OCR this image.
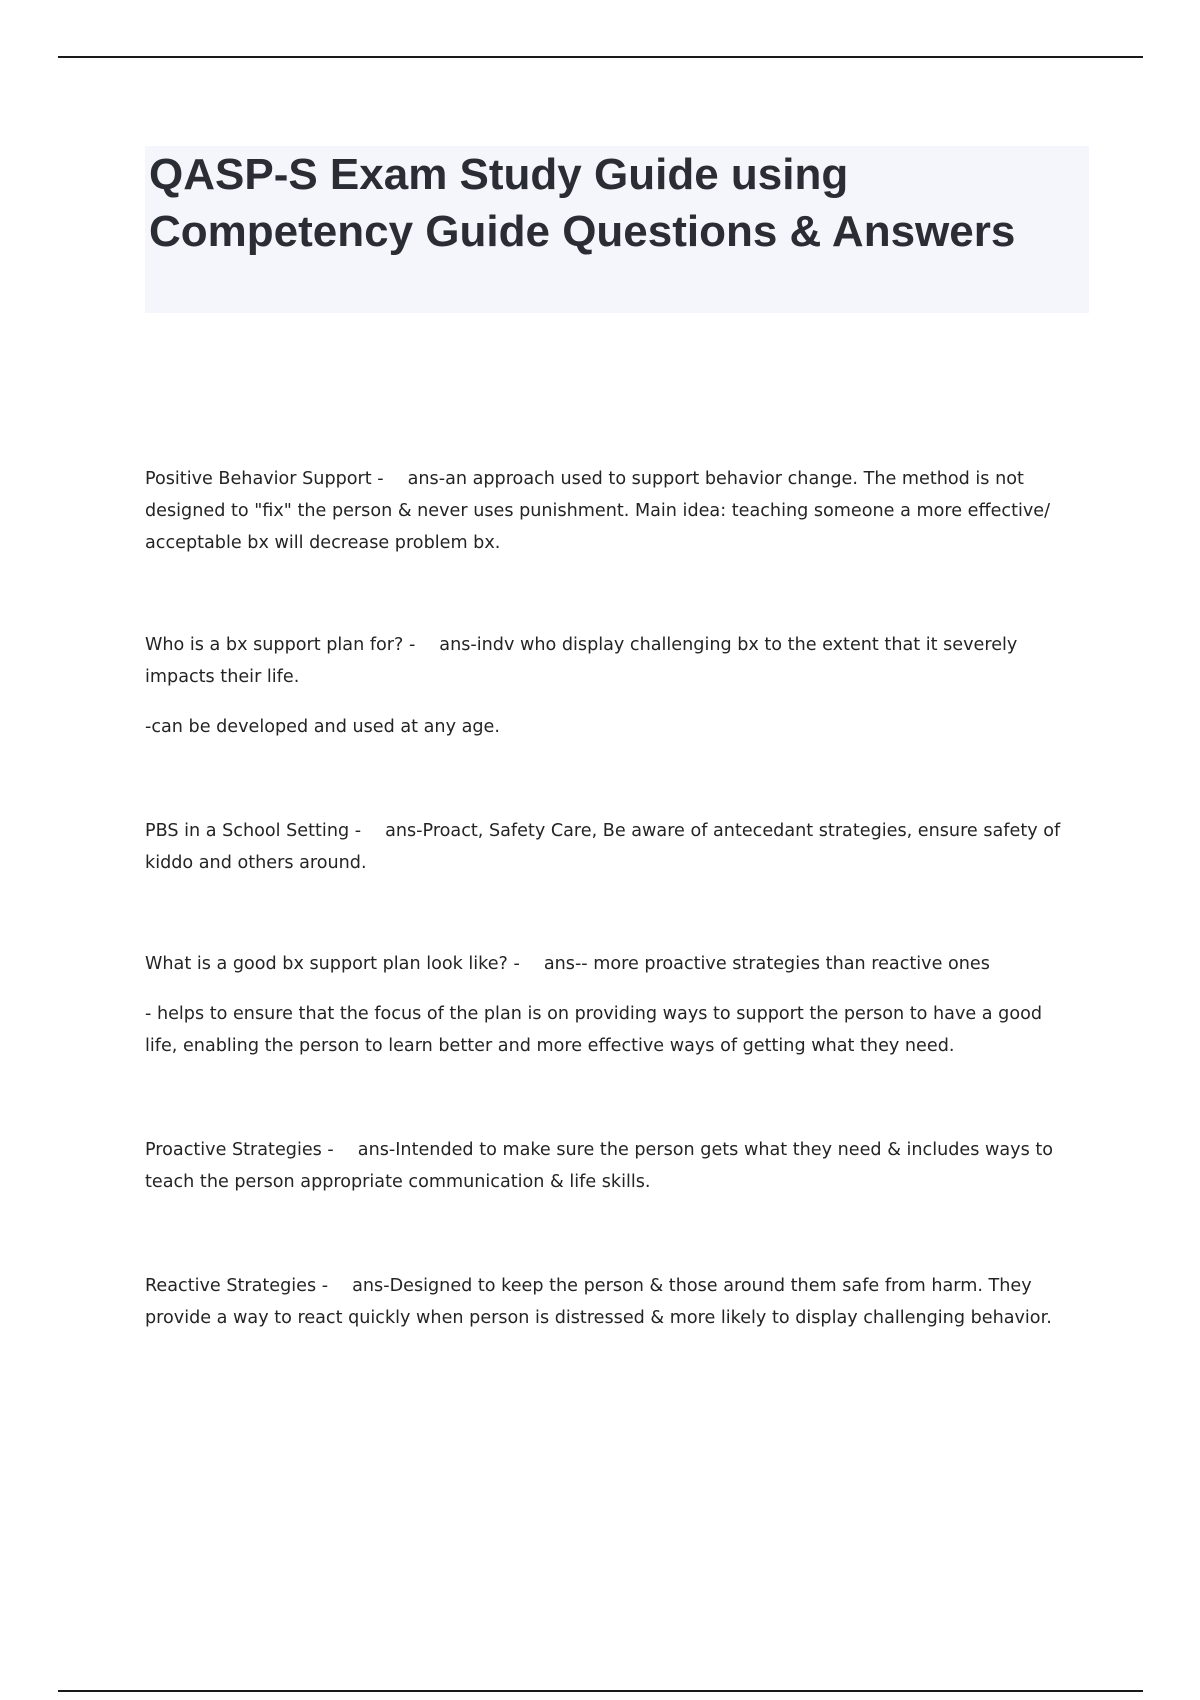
QASP-S Exam Study Guide using Competency Guide Questions & Answers

Positive Behavior Support - ans-an approach used to support behavior change. The method is not designed to "fix" the person & never uses punishment. Main idea: teaching someone a more effective/ acceptable bx will decrease problem bx.

Who is a bx support plan for? - ans-indv who display challenging bx to the extent that it severely impacts their life.

-can be developed and used at any age.

PBS in a School Setting - ans-Proact, Safety Care, Be aware of antecedant strategies, ensure safety of kiddo and others around.

What is a good bx support plan look like? - ans-- more proactive strategies than reactive ones

- helps to ensure that the focus of the plan is on providing ways to support the person to have a good life, enabling the person to learn better and more effective ways of getting what they need.

Proactive Strategies - ans-Intended to make sure the person gets what they need & includes ways to teach the person appropriate communication & life skills.

Reactive Strategies - ans-Designed to keep the person & those around them safe from harm. They provide a way to react quickly when person is distressed & more likely to display challenging behavior.
